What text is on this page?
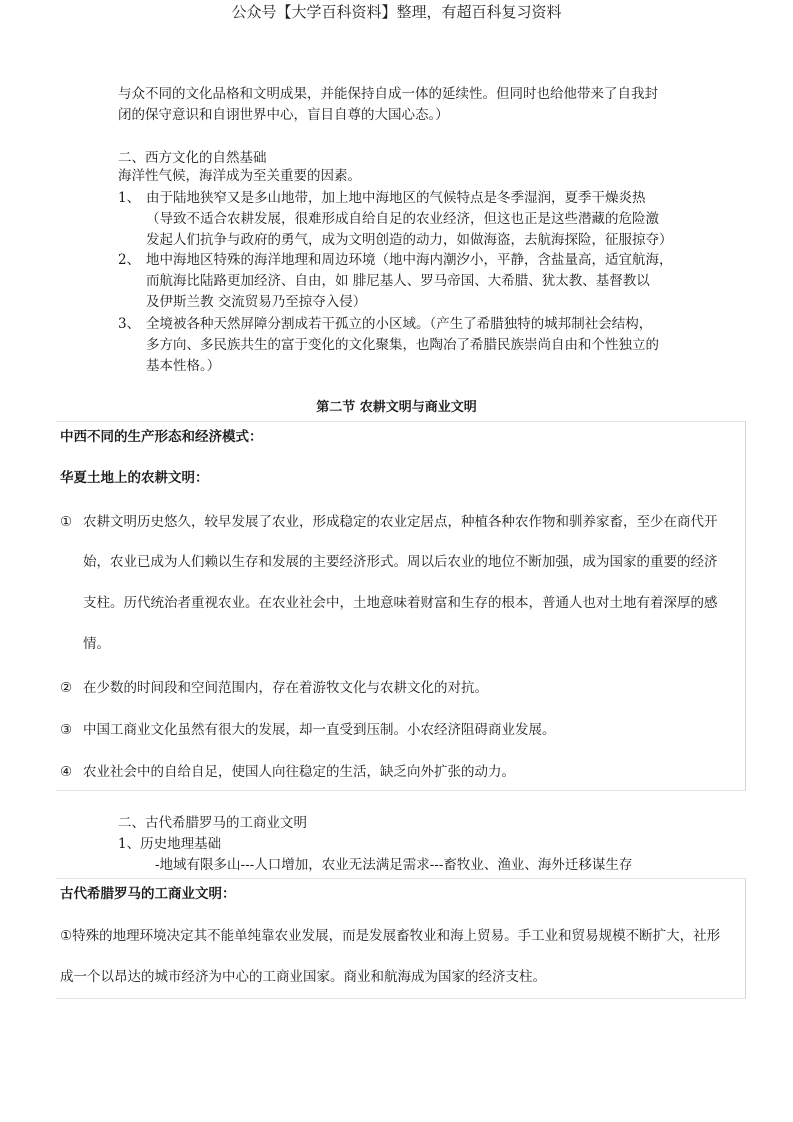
公众号【大学百科资料】整理，有超百科复习资料
与众不同的文化品格和文明成果，并能保持自成一体的延续性。但同时也给他带来了自我封
闭的保守意识和自诩世界中心，盲目自尊的大国心态。）
二、西方文化的自然基础
海洋性气候，海洋成为至关重要的因素。
1、 由于陆地狭窄又是多山地带，加上地中海地区的气候特点是冬季湿润，夏季干燥炎热
（导致不适合农耕发展，很难形成自给自足的农业经济，但这也正是这些潜藏的危险激
发起人们抗争与政府的勇气，成为文明创造的动力，如做海盗，去航海探险，征服掠夺）
2、 地中海地区特殊的海洋地理和周边环境（地中海内潮汐小，平静，含盐量高，适宜航海，
而航海比陆路更加经济、自由，如 腓尼基人、罗马帝国、大希腊、犹太教、基督教以
及伊斯兰教 交流贸易乃至掠夺入侵）
3、 全境被各种天然屏障分割成若干孤立的小区域。（产生了希腊独特的城邦制社会结构，
多方向、多民族共生的富于变化的文化聚集，也陶冶了希腊民族崇尚自由和个性独立的
基本性格。）
第二节 农耕文明与商业文明
中西不同的生产形态和经济模式：
华夏土地上的农耕文明：
① 农耕文明历史悠久，较早发展了农业，形成稳定的农业定居点，种植各种农作物和驯养家畜，至少在商代开
始，农业已成为人们赖以生存和发展的主要经济形式。周以后农业的地位不断加强，成为国家的重要的经济
支柱。历代统治者重视农业。在农业社会中，土地意味着财富和生存的根本，普通人也对土地有着深厚的感
情。
② 在少数的时间段和空间范围内，存在着游牧文化与农耕文化的对抗。
③ 中国工商业文化虽然有很大的发展，却一直受到压制。小农经济阻碍商业发展。
④ 农业社会中的自给自足，使国人向往稳定的生活，缺乏向外扩张的动力。
二、古代希腊罗马的工商业文明
1、历史地理基础
-地域有限多山---人口增加，农业无法满足需求---畜牧业、渔业、海外迁移谋生存
古代希腊罗马的工商业文明：
①特殊的地理环境决定其不能单纯靠农业发展，而是发展畜牧业和海上贸易。手工业和贸易规模不断扩大，社形
成一个以昂达的城市经济为中心的工商业国家。商业和航海成为国家的经济支柱。
